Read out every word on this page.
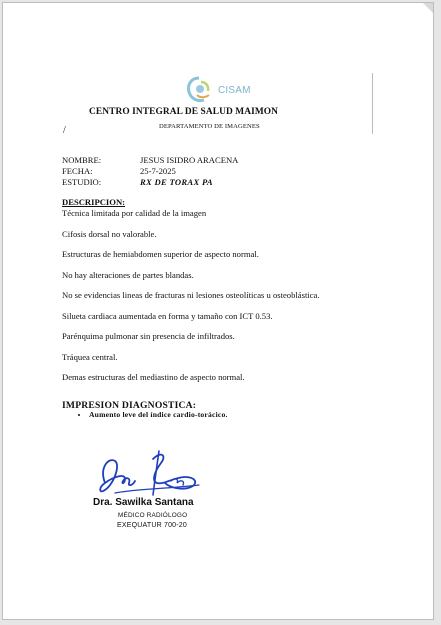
CISAM
CENTRO INTEGRAL DE SALUD MAIMON
/	DEPARTAMENTO DE IMAGENES
NOMBRE:	JESUS ISIDRO ARACENA
FECHA:	25-7-2025
ESTUDIO:	RX DE TORAX PA
DESCRIPCION:

Técnica limitada por calidad de la imagen

Cifosis dorsal no valorable.

Estructuras de hemiabdomen superior de aspecto normal.

No hay alteraciones de partes blandas.

No se evidencias lineas de fracturas ni lesiones osteolíticas u osteoblástica.

Silueta cardiaca aumentada en forma y tamaño con ICT 0.53.

Parénquima pulmonar sin presencia de infiltrados.

Tráquea central.

Demas estructuras del mediastino de aspecto normal.

IMPRESION DIAGNOSTICA:
• Aumento leve del índice cardio-torácico.
Dra. Sawilka Santana
MÉDICO RADIÓLOGO
EXEQUATUR 700-20
